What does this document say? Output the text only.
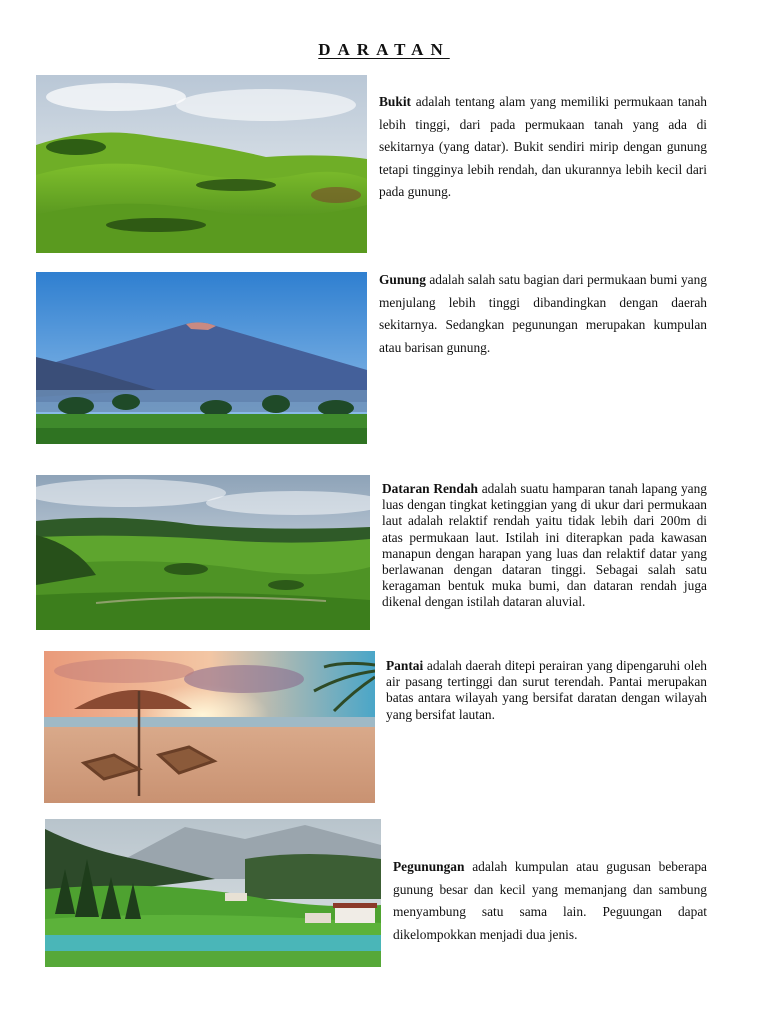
DARATAN
Bukit adalah tentang alam yang memiliki permukaan tanah lebih tinggi, dari pada permukaan tanah yang ada di sekitarnya (yang datar). Bukit sendiri mirip dengan gunung tetapi tingginya lebih rendah, dan ukurannya lebih kecil dari pada gunung.
Gunung adalah salah satu bagian dari permukaan bumi yang menjulang lebih tinggi dibandingkan dengan daerah sekitarnya. Sedangkan pegunungan merupakan kumpulan atau barisan gunung.
Dataran Rendah adalah suatu hamparan tanah lapang yang luas dengan tingkat ketinggian yang di ukur dari permukaan laut adalah relaktif rendah yaitu tidak lebih dari 200m di atas permukaan laut. Istilah ini diterapkan pada kawasan manapun dengan harapan yang luas dan relaktif datar yang berlawanan dengan dataran tinggi. Sebagai salah satu keragaman bentuk muka bumi, dan dataran rendah juga dikenal dengan istilah dataran aluvial.
Pantai adalah daerah ditepi perairan yang dipengaruhi oleh air pasang tertinggi dan surut terendah. Pantai merupakan batas antara wilayah yang bersifat daratan dengan wilayah yang bersifat lautan.
Pegunungan adalah kumpulan atau gugusan beberapa gunung besar dan kecil yang memanjang dan sambung menyambung satu sama lain. Peguungan dapat dikelompokkan menjadi dua jenis.
